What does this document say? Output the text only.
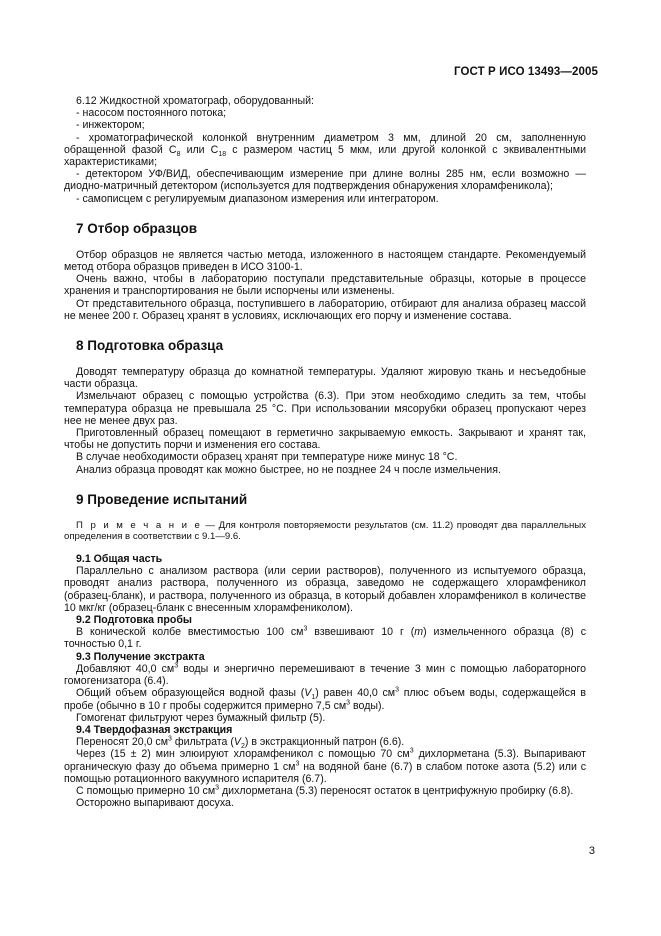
ГОСТ Р ИСО 13493—2005

6.12 Жидкостной хроматограф, оборудованный:

- насосом постоянного потока;

- инжектором;

- хроматографической колонкой внутренним диаметром 3 мм, длиной 20 см, заполненную обращенной фазой $С_8$ или $С_{18}$ с размером частиц 5 мкм, или другой колонкой с эквивалентными характеристиками;

- детектором УФ/ВИД, обеспечивающим измерение при длине волны 285 нм, если возможно — диодно-матричный детектором (используется для подтверждения обнаружения хлорамфеникола);

- самописцем с регулируемым диапазоном измерения или интегратором.

7 Отбор образцов

Отбор образцов не является частью метода, изложенного в настоящем стандарте. Рекомендуемый метод отбора образцов приведен в ИСО 3100-1.

Очень важно, чтобы в лабораторию поступали представительные образцы, которые в процессе хранения и транспортирования не были испорчены или изменены.

От представительного образца, поступившего в лабораторию, отбирают для анализа образец массой не менее 200 г. Образец хранят в условиях, исключающих его порчу и изменение состава.

8 Подготовка образца

Доводят температуру образца до комнатной температуры. Удаляют жировую ткань и несъедобные части образца.

Измельчают образец с помощью устройства (6.3). При этом необходимо следить за тем, чтобы температура образца не превышала 25 °С. При использовании мясорубки образец пропускают через нее не менее двух раз.

Приготовленный образец помещают в герметично закрываемую емкость. Закрывают и хранят так, чтобы не допустить порчи и изменения его состава.

В случае необходимости образец хранят при температуре ниже минус 18 °С.

Анализ образца проводят как можно быстрее, но не позднее 24 ч после измельчения.

9 Проведение испытаний

П р и м е ч а н и е — Для контроля повторяемости результатов (см. 11.2) проводят два параллельных определения в соответствии с 9.1—9.6.

9.1 Общая часть

Параллельно с анализом раствора (или серии растворов), полученного из испытуемого образца, проводят анализ раствора, полученного из образца, заведомо не содержащего хлорамфеникол (образец-бланк), и раствора, полученного из образца, в который добавлен хлорамфеникол в количестве 10 мкг/кг (образец-бланк с внесенным хлорамфениколом).

9.2 Подготовка пробы

В конической колбе вместимостью 100 $см^3$ взвешивают 10 г (m) измельченного образца (8) с точностью 0,1 г.

9.3 Получение экстракта

Добавляют 40,0 $см^3$ воды и энергично перемешивают в течение 3 мин с помощью лабораторного гомогенизатора (6.4).

Общий объем образующейся водной фазы $(V_1)$ равен 40,0 $см^3$ плюс объем воды, содержащейся в пробе (обычно в 10 г пробы содержится примерно 7,5 $см^3$ воды).

Гомогенат фильтруют через бумажный фильтр (5).

9.4 Твердофазная экстракция

Переносят 20,0 $см^3$ фильтрата $(V_2)$ в экстракционный патрон (6.6).

Через (15 ± 2) мин элюируют хлорамфеникол с помощью 70 $см^3$ дихлорметана (5.3). Выпаривают органическую фазу до объема примерно 1 $см^3$ на водяной бане (6.7) в слабом потоке азота (5.2) или с помощью ротационного вакуумного испарителя (6.7).

С помощью примерно 10 $см^3$ дихлорметана (5.3) переносят остаток в центрифужную пробирку (6.8).

Осторожно выпаривают досуха.

3
